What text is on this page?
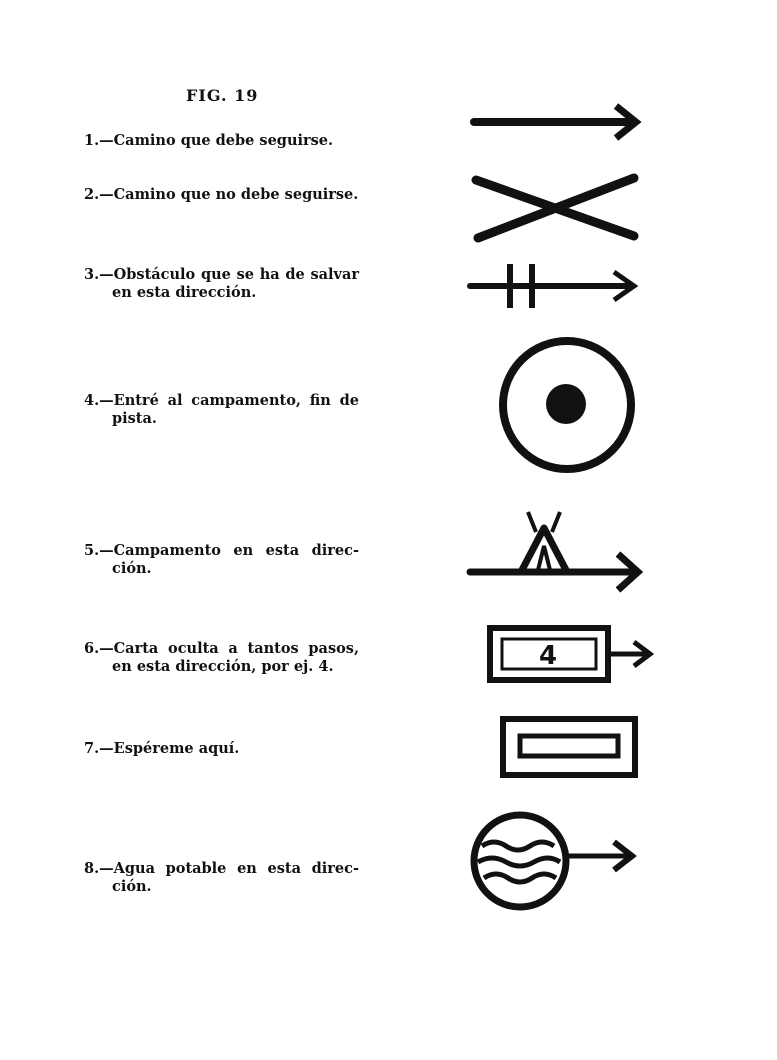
FIG. 19
1.—Camino que debe seguirse.
2.—Camino que no debe seguirse.
3.—Obstáculo que se ha de salvar
en esta dirección.
4.—Entré al campamento, fin de
pista.
5.—Campamento en esta direc-
ción.
6.—Carta oculta a tantos pasos,
en esta dirección, por ej. 4.	4
7.—Espéreme aquí.
8.—Agua potable en esta direc-
ción.
